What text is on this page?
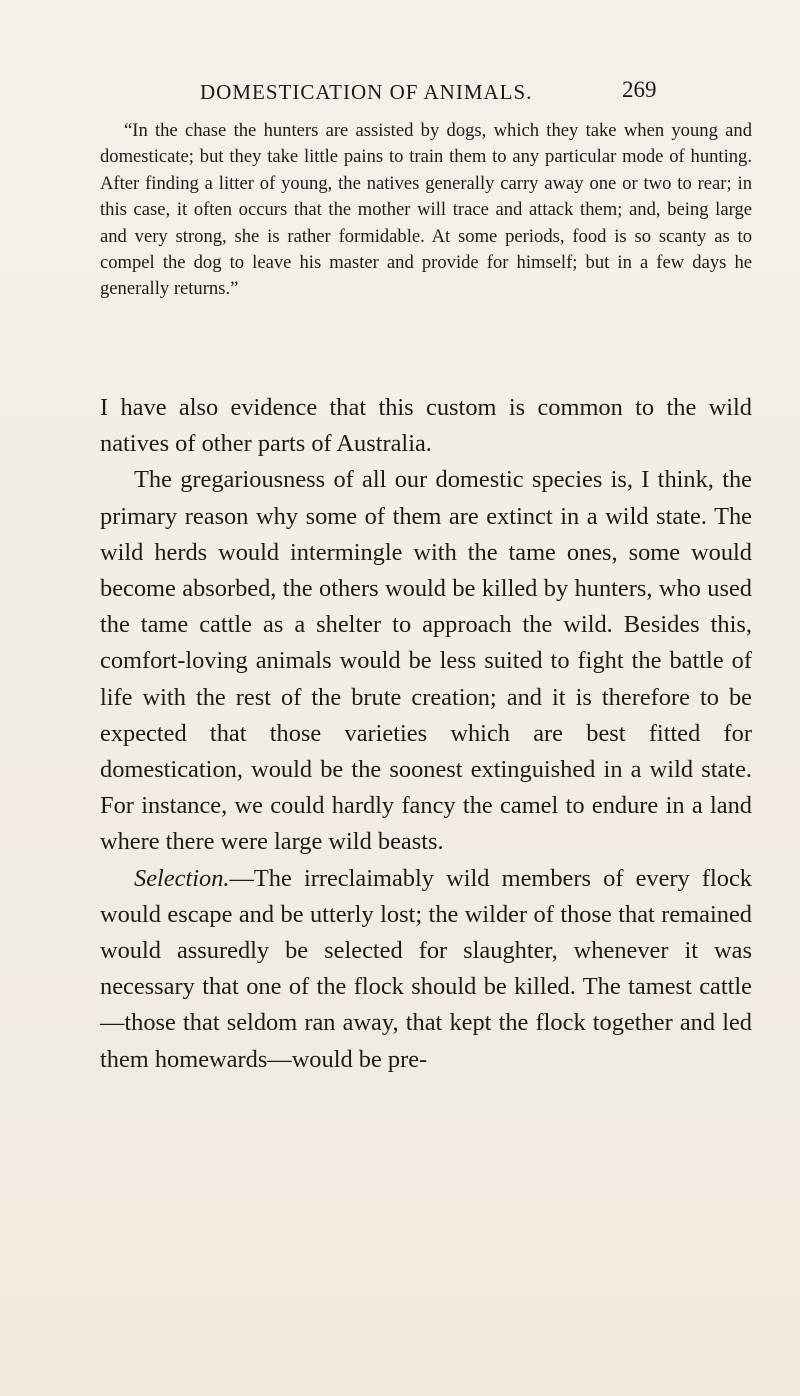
DOMESTICATION OF ANIMALS.	269

“In the chase the hunters are assisted by dogs, which they take when young and domesticate; but they take little pains to train them to any particular mode of hunting. After finding a litter of young, the natives generally carry away one or two to rear; in this case, it often occurs that the mother will trace and attack them; and, being large and very strong, she is rather formidable. At some periods, food is so scanty as to compel the dog to leave his master and provide for himself; but in a few days he generally returns.”

I have also evidence that this custom is common to the wild natives of other parts of Australia.

The gregariousness of all our domestic species is, I think, the primary reason why some of them are extinct in a wild state. The wild herds would intermingle with the tame ones, some would become absorbed, the others would be killed by hunters, who used the tame cattle as a shelter to approach the wild. Besides this, comfort-loving animals would be less suited to fight the battle of life with the rest of the brute creation; and it is therefore to be expected that those varieties which are best fitted for domestication, would be the soonest extinguished in a wild state. For instance, we could hardly fancy the camel to endure in a land where there were large wild beasts.

Selection.—The irreclaimably wild members of every flock would escape and be utterly lost; the wilder of those that remained would assuredly be selected for slaughter, whenever it was necessary that one of the flock should be killed. The tamest cattle —those that seldom ran away, that kept the flock together and led them homewards—would be pre-
